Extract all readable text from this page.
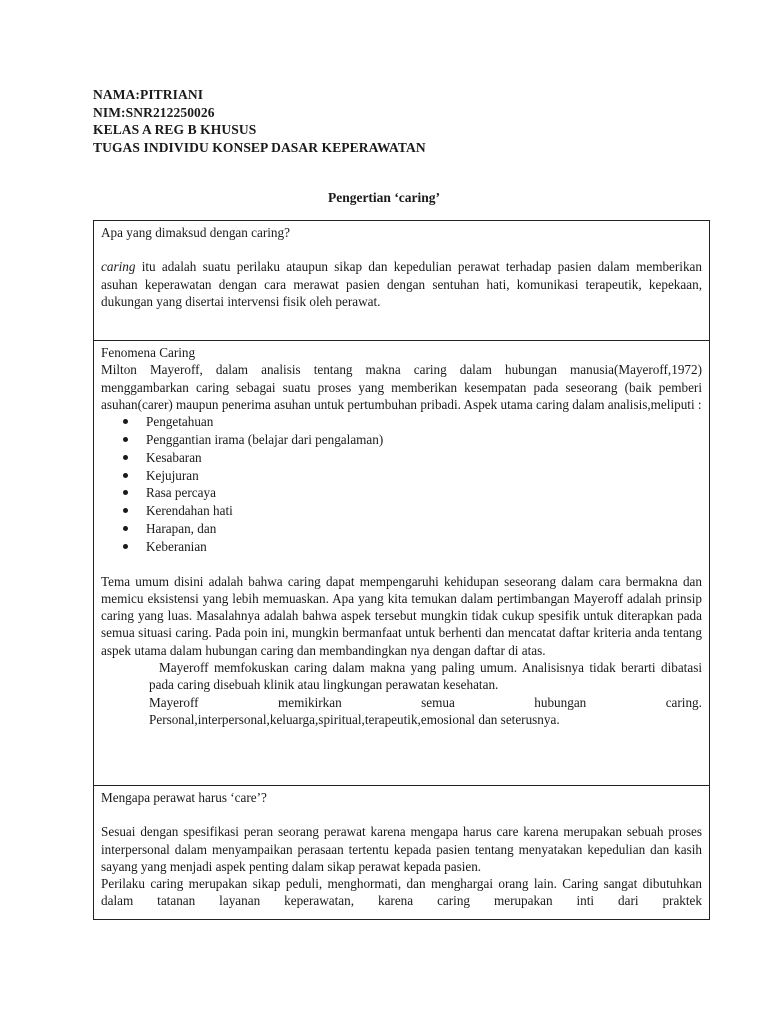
NAMA:PITRIANI
NIM:SNR212250026
KELAS A REG B KHUSUS
TUGAS INDIVIDU KONSEP DASAR KEPERAWATAN
Pengertian ‘caring’
Apa yang dimaksud dengan caring?
caring itu adalah suatu perilaku ataupun sikap dan kepedulian perawat terhadap pasien dalam memberikan asuhan keperawatan dengan cara merawat pasien dengan sentuhan hati, komunikasi terapeutik, kepekaan, dukungan yang disertai intervensi fisik oleh perawat.
Fenomena Caring
Milton Mayeroff, dalam analisis tentang makna caring dalam hubungan manusia(Mayeroff,1972) menggambarkan caring sebagai suatu proses yang memberikan kesempatan pada seseorang (baik pemberi asuhan(carer) maupun penerima asuhan untuk pertumbuhan pribadi. Aspek utama caring dalam analisis,meliputi :
Pengetahuan
Penggantian irama (belajar dari pengalaman)
Kesabaran
Kejujuran
Rasa percaya
Kerendahan hati
Harapan, dan
Keberanian
Tema umum disini adalah bahwa caring dapat mempengaruhi kehidupan seseorang dalam cara bermakna dan memicu eksistensi yang lebih memuaskan. Apa yang kita temukan dalam pertimbangan Mayeroff adalah prinsip caring yang luas. Masalahnya adalah bahwa aspek tersebut mungkin tidak cukup spesifik untuk diterapkan pada semua situasi caring. Pada poin ini, mungkin bermanfaat untuk berhenti dan mencatat daftar kriteria anda tentang aspek utama dalam hubungan caring dan membandingkan nya dengan daftar di atas.
Mayeroff memfokuskan caring dalam makna yang paling umum. Analisisnya tidak berarti dibatasi pada caring disebuah klinik atau lingkungan perawatan kesehatan.
Mayeroff	memikirkan	semua	hubungan	caring.
Personal,interpersonal,keluarga,spiritual,terapeutik,emosional dan seterusnya.
Mengapa perawat harus ‘care’?
Sesuai dengan spesifikasi peran seorang perawat karena mengapa harus care karena merupakan sebuah proses interpersonal dalam menyampaikan perasaan tertentu kepada pasien tentang menyatakan kepedulian dan kasih sayang yang menjadi aspek penting dalam sikap perawat kepada pasien.
Perilaku caring merupakan sikap peduli, menghormati, dan menghargai orang lain. Caring sangat dibutuhkan dalam tatanan layanan keperawatan, karena caring merupakan inti dari praktek
